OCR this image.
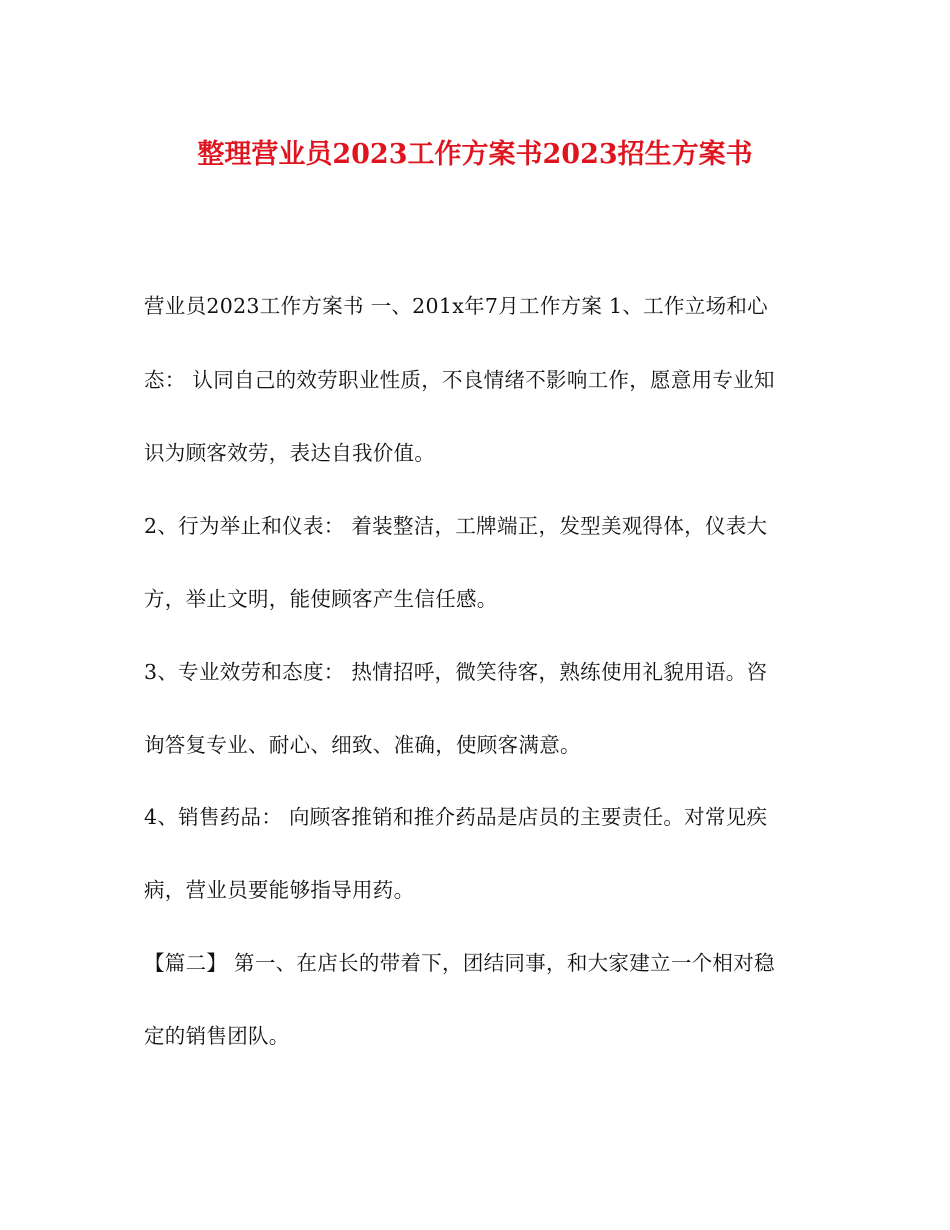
整理营业员2023工作方案书2023招生方案书
营业员2023工作方案书 一、201x年7月工作方案 1、工作立场和心
态： 认同自己的效劳职业性质，不良情绪不影响工作，愿意用专业知
识为顾客效劳，表达自我价值。
2、行为举止和仪表： 着装整洁，工牌端正，发型美观得体，仪表大
方，举止文明，能使顾客产生信任感。
3、专业效劳和态度： 热情招呼，微笑待客，熟练使用礼貌用语。咨
询答复专业、耐心、细致、准确，使顾客满意。
4、销售药品： 向顾客推销和推介药品是店员的主要责任。对常见疾
病，营业员要能够指导用药。
【篇二】 第一、在店长的带着下，团结同事，和大家建立一个相对稳
定的销售团队。
